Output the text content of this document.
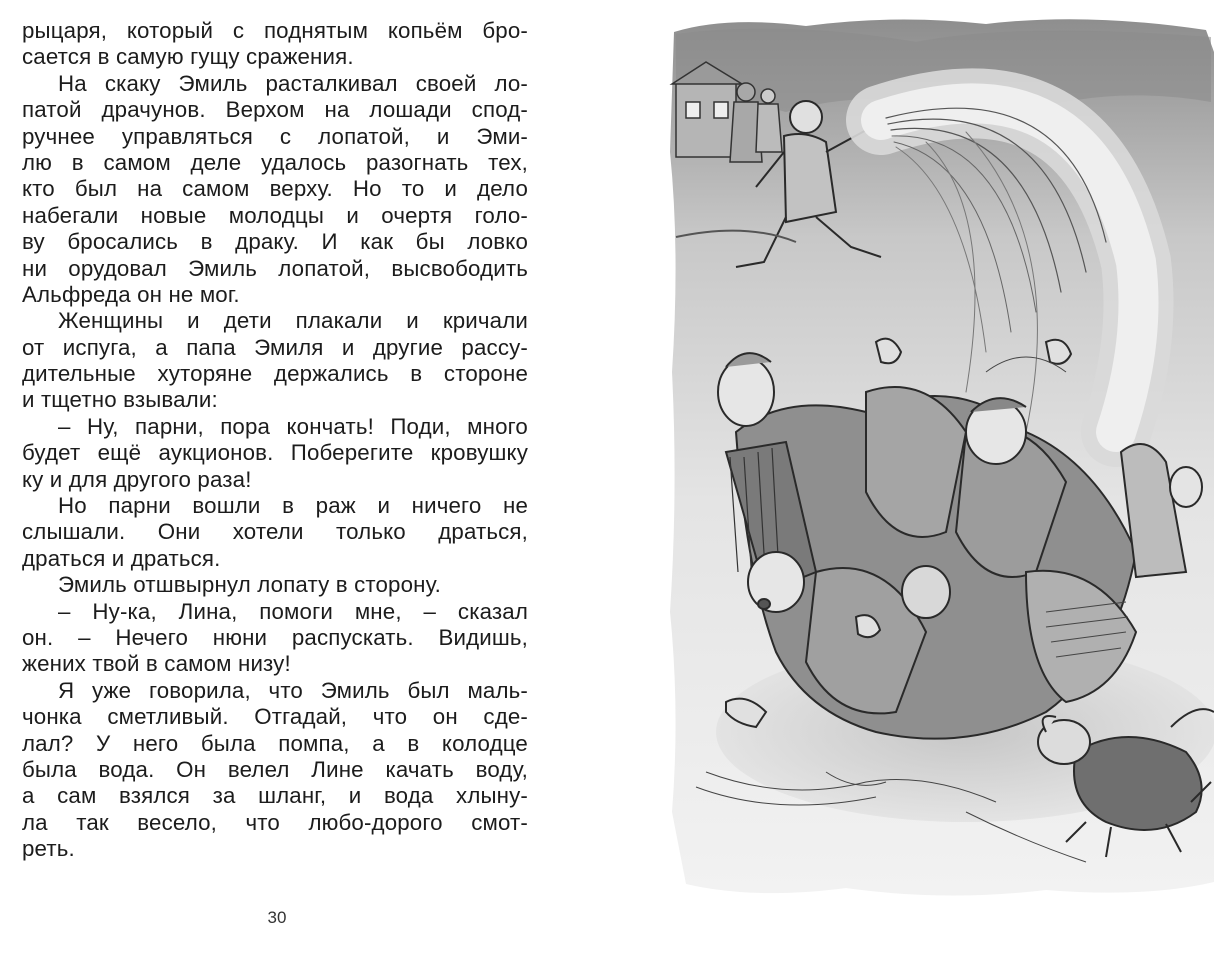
рыцаря, который с поднятым копьём бро-
сается в самую гущу сражения.
На скаку Эмиль расталкивал своей ло-
патой драчунов. Верхом на лошади спод-
ручнее управляться с лопатой, и Эми-
лю в самом деле удалось разогнать тех,
кто был на самом верху. Но то и дело
набегали новые молодцы и очертя голо-
ву бросались в драку. И как бы ловко
ни орудовал Эмиль лопатой, высвободить
Альфреда он не мог.
Женщины и дети плакали и кричали
от испуга, а папа Эмиля и другие рассу-
дительные хуторяне держались в стороне
и тщетно взывали:
– Ну, парни, пора кончать! Поди, много
будет ещё аукционов. Поберегите кровушку
ку и для другого раза!
Но парни вошли в раж и ничего не
слышали. Они хотели только драться,
драться и драться.
Эмиль отшвырнул лопату в сторону.
– Ну-ка, Лина, помоги мне, – сказал
он. – Нечего нюни распускать. Видишь,
жених твой в самом низу!
Я уже говорила, что Эмиль был маль-
чонка сметливый. Отгадай, что он сде-
лал? У него была помпа, а в колодце
была вода. Он велел Лине качать воду,
а сам взялся за шланг, и вода хлыну-
ла так весело, что любо-дорого смот-
реть.
30
